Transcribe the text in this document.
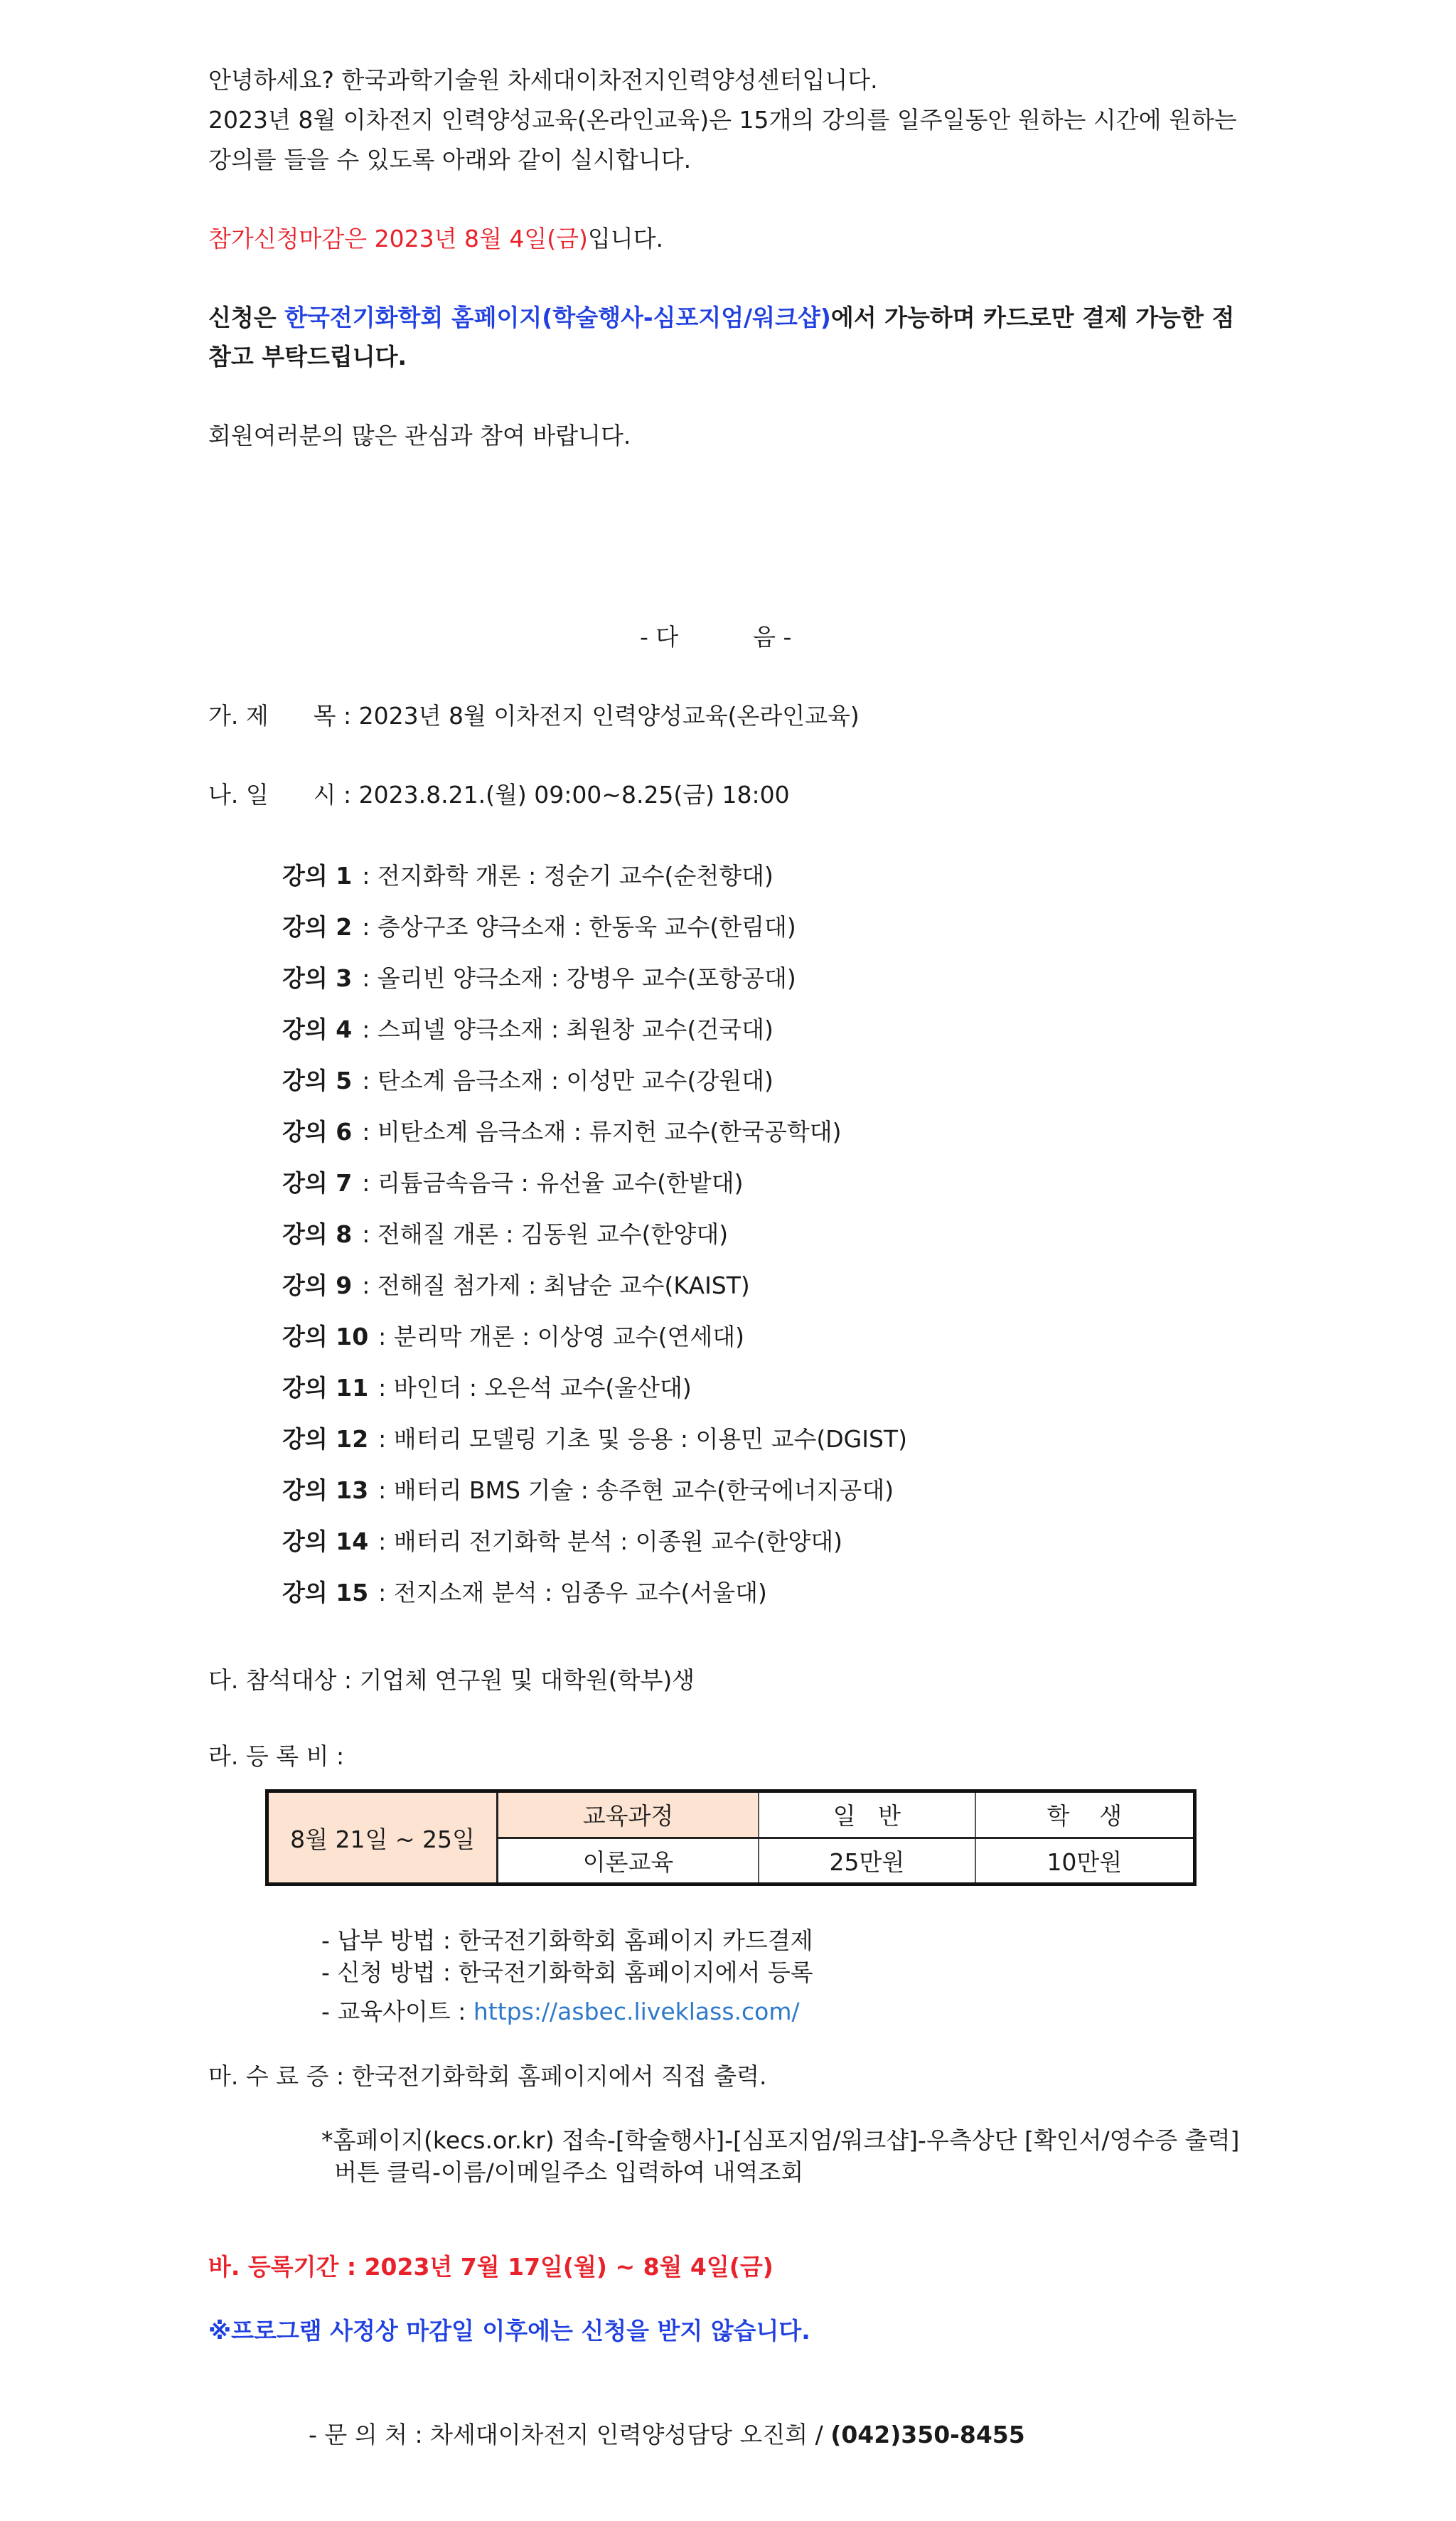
안녕하세요? 한국과학기술원 차세대이차전지인력양성센터입니다.
2023년 8월 이차전지 인력양성교육(온라인교육)은 15개의 강의를 일주일동안 원하는 시간에 원하는
강의를 들을 수 있도록 아래와 같이 실시합니다.
참가신청마감은 2023년 8월 4일(금)입니다.
신청은 한국전기화학회 홈페이지(학술행사-심포지엄/워크샵)에서 가능하며 카드로만 결제 가능한 점
참고 부탁드립니다.
회원여러분의 많은 관심과 참여 바랍니다.
- 다          음 -
가. 제      목 : 2023년 8월 이차전지 인력양성교육(온라인교육)
나. 일      시 : 2023.8.21.(월) 09:00~8.25(금) 18:00
강의 1 : 전지화학 개론 : 정순기 교수(순천향대)
강의 2 : 층상구조 양극소재 : 한동욱 교수(한림대)
강의 3 : 올리빈 양극소재 : 강병우 교수(포항공대)
강의 4 : 스피넬 양극소재 : 최원창 교수(건국대)
강의 5 : 탄소계 음극소재 : 이성만 교수(강원대)
강의 6 : 비탄소계 음극소재 : 류지헌 교수(한국공학대)
강의 7 : 리튬금속음극 : 유선율 교수(한밭대)
강의 8 : 전해질 개론 : 김동원 교수(한양대)
강의 9 : 전해질 첨가제 : 최남순 교수(KAIST)
강의 10 : 분리막 개론 : 이상영 교수(연세대)
강의 11 : 바인더 : 오은석 교수(울산대)
강의 12 : 배터리 모델링 기초 및 응용 : 이용민 교수(DGIST)
강의 13 : 배터리 BMS 기술 : 송주현 교수(한국에너지공대)
강의 14 : 배터리 전기화학 분석 : 이종원 교수(한양대)
강의 15 : 전지소재 분석 : 임종우 교수(서울대)
다. 참석대상 : 기업체 연구원 및 대학원(학부)생
라. 등 록 비 :
8월 21일 ~ 25일	교육과정	일   반	학    생
	이론교육	25만원	10만원
- 납부 방법 : 한국전기화학회 홈페이지 카드결제
- 신청 방법 : 한국전기화학회 홈페이지에서 등록
- 교육사이트 : https://asbec.liveklass.com/
마. 수 료 증 : 한국전기화학회 홈페이지에서 직접 출력.
*홈페이지(kecs.or.kr) 접속-[학술행사]-[심포지엄/워크샵]-우측상단 [확인서/영수증 출력]
버튼 클릭-이름/이메일주소 입력하여 내역조회
바. 등록기간 : 2023년 7월 17일(월) ~ 8월 4일(금)
※프로그램 사정상 마감일 이후에는 신청을 받지 않습니다.
- 문 의 처 : 차세대이차전지 인력양성담당 오진희 / (042)350-8455
